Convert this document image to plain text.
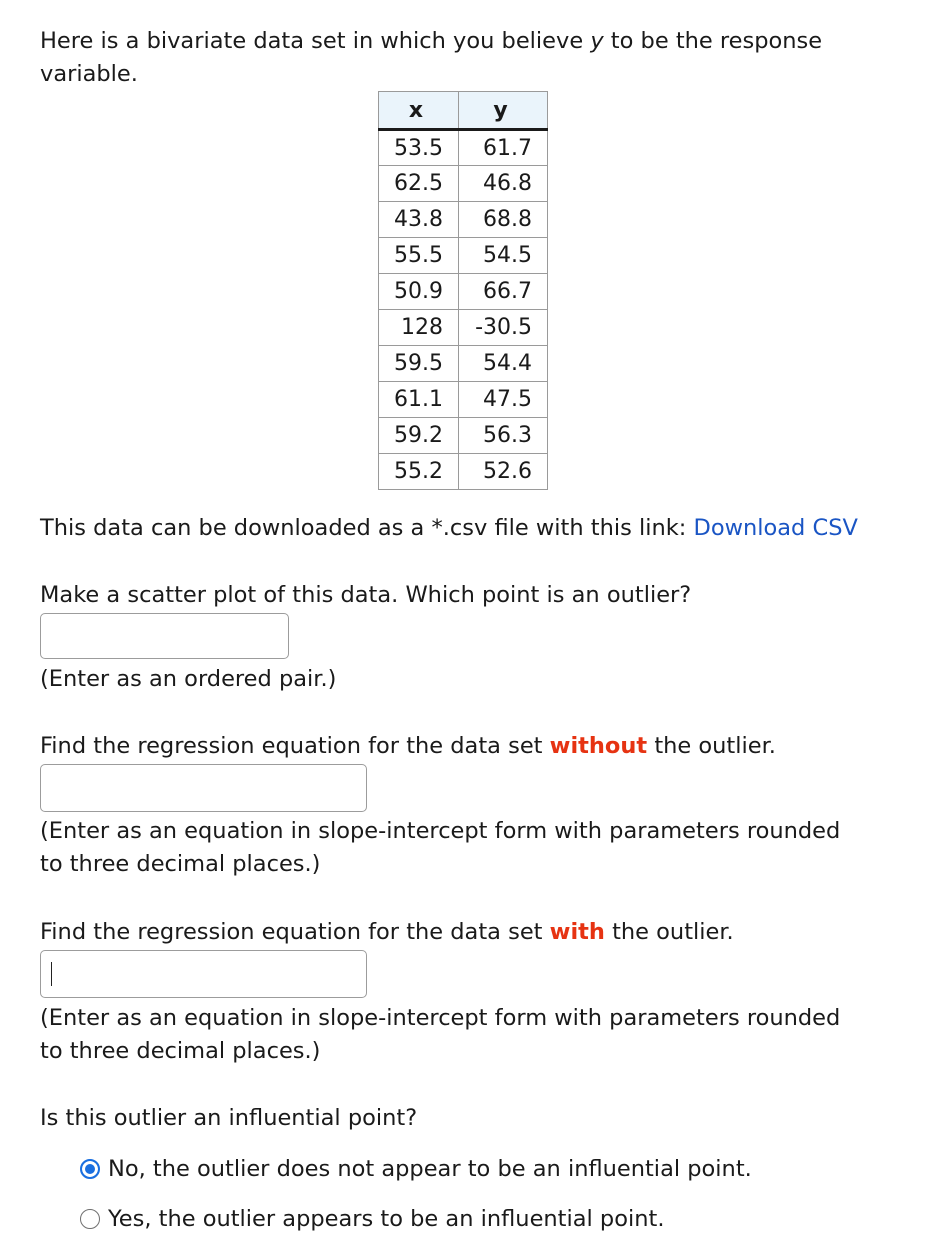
Here is a bivariate data set in which you believe y to be the response
variable.
x	y
53.5	61.7
62.5	46.8
43.8	68.8
55.5	54.5
50.9	66.7
128	-30.5
59.5	54.4
61.1	47.5
59.2	56.3
55.2	52.6
This data can be downloaded as a *.csv file with this link: Download CSV
Make a scatter plot of this data. Which point is an outlier?
(Enter as an ordered pair.)
Find the regression equation for the data set without the outlier.
(Enter as an equation in slope-intercept form with parameters rounded
to three decimal places.)
Find the regression equation for the data set with the outlier.
(Enter as an equation in slope-intercept form with parameters rounded
to three decimal places.)
Is this outlier an influential point?
No, the outlier does not appear to be an influential point.
Yes, the outlier appears to be an influential point.
